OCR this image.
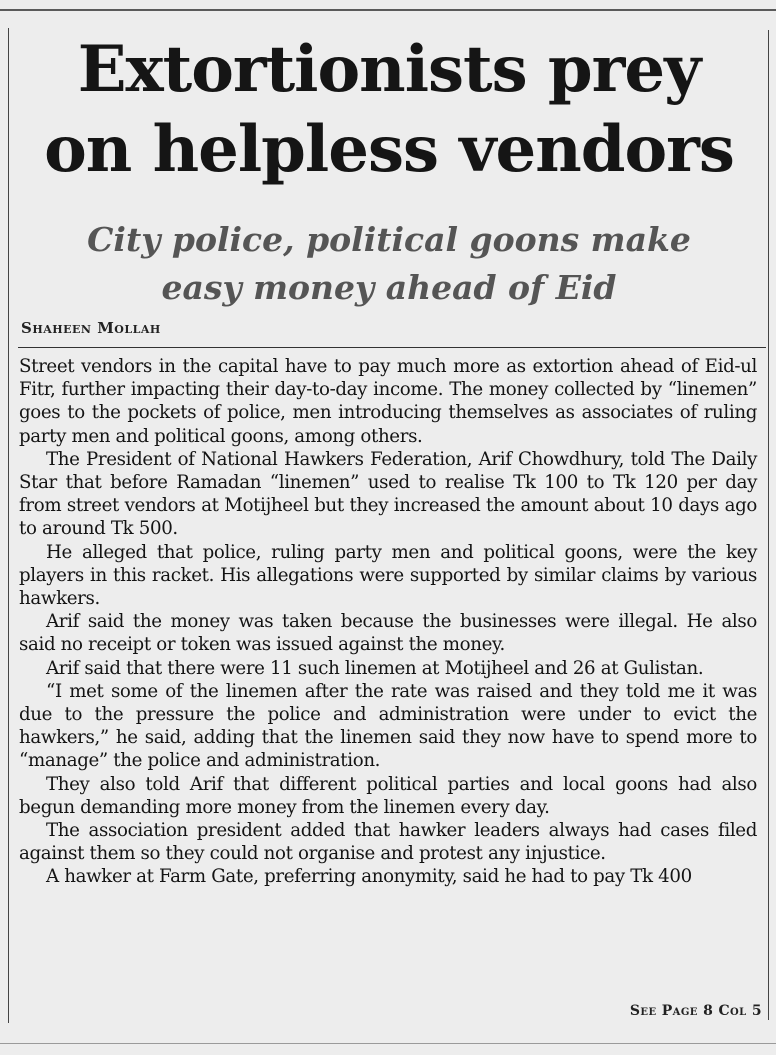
Extortionists prey
on helpless vendors
City police, political goons make
easy money ahead of Eid
Shaheen Mollah

Street vendors in the capital have to pay much more as extortion ahead of Eid-ul Fitr, further impacting their day-to-day income. The money collected by “linemen” goes to the pockets of police, men introducing themselves as associates of ruling party men and political goons, among others.

The President of National Hawkers Federation, Arif Chowdhury, told The Daily Star that before Ramadan “linemen” used to realise Tk 100 to Tk 120 per day from street vendors at Motijheel but they increased the amount about 10 days ago to around Tk 500.

He alleged that police, ruling party men and political goons, were the key players in this racket. His allegations were supported by similar claims by various hawkers.

Arif said the money was taken because the businesses were illegal. He also said no receipt or token was issued against the money.

Arif said that there were 11 such linemen at Motijheel and 26 at Gulistan.

“I met some of the linemen after the rate was raised and they told me it was due to the pressure the police and administration were under to evict the hawkers,” he said, adding that the linemen said they now have to spend more to “manage” the police and administration.

They also told Arif that different political parties and local goons had also begun demanding more money from the linemen every day.

The association president added that hawker leaders always had cases filed against them so they could not organise and protest any injustice.

A hawker at Farm Gate, preferring anonymity, said he had to pay Tk 400

See Page 8 Col 5
